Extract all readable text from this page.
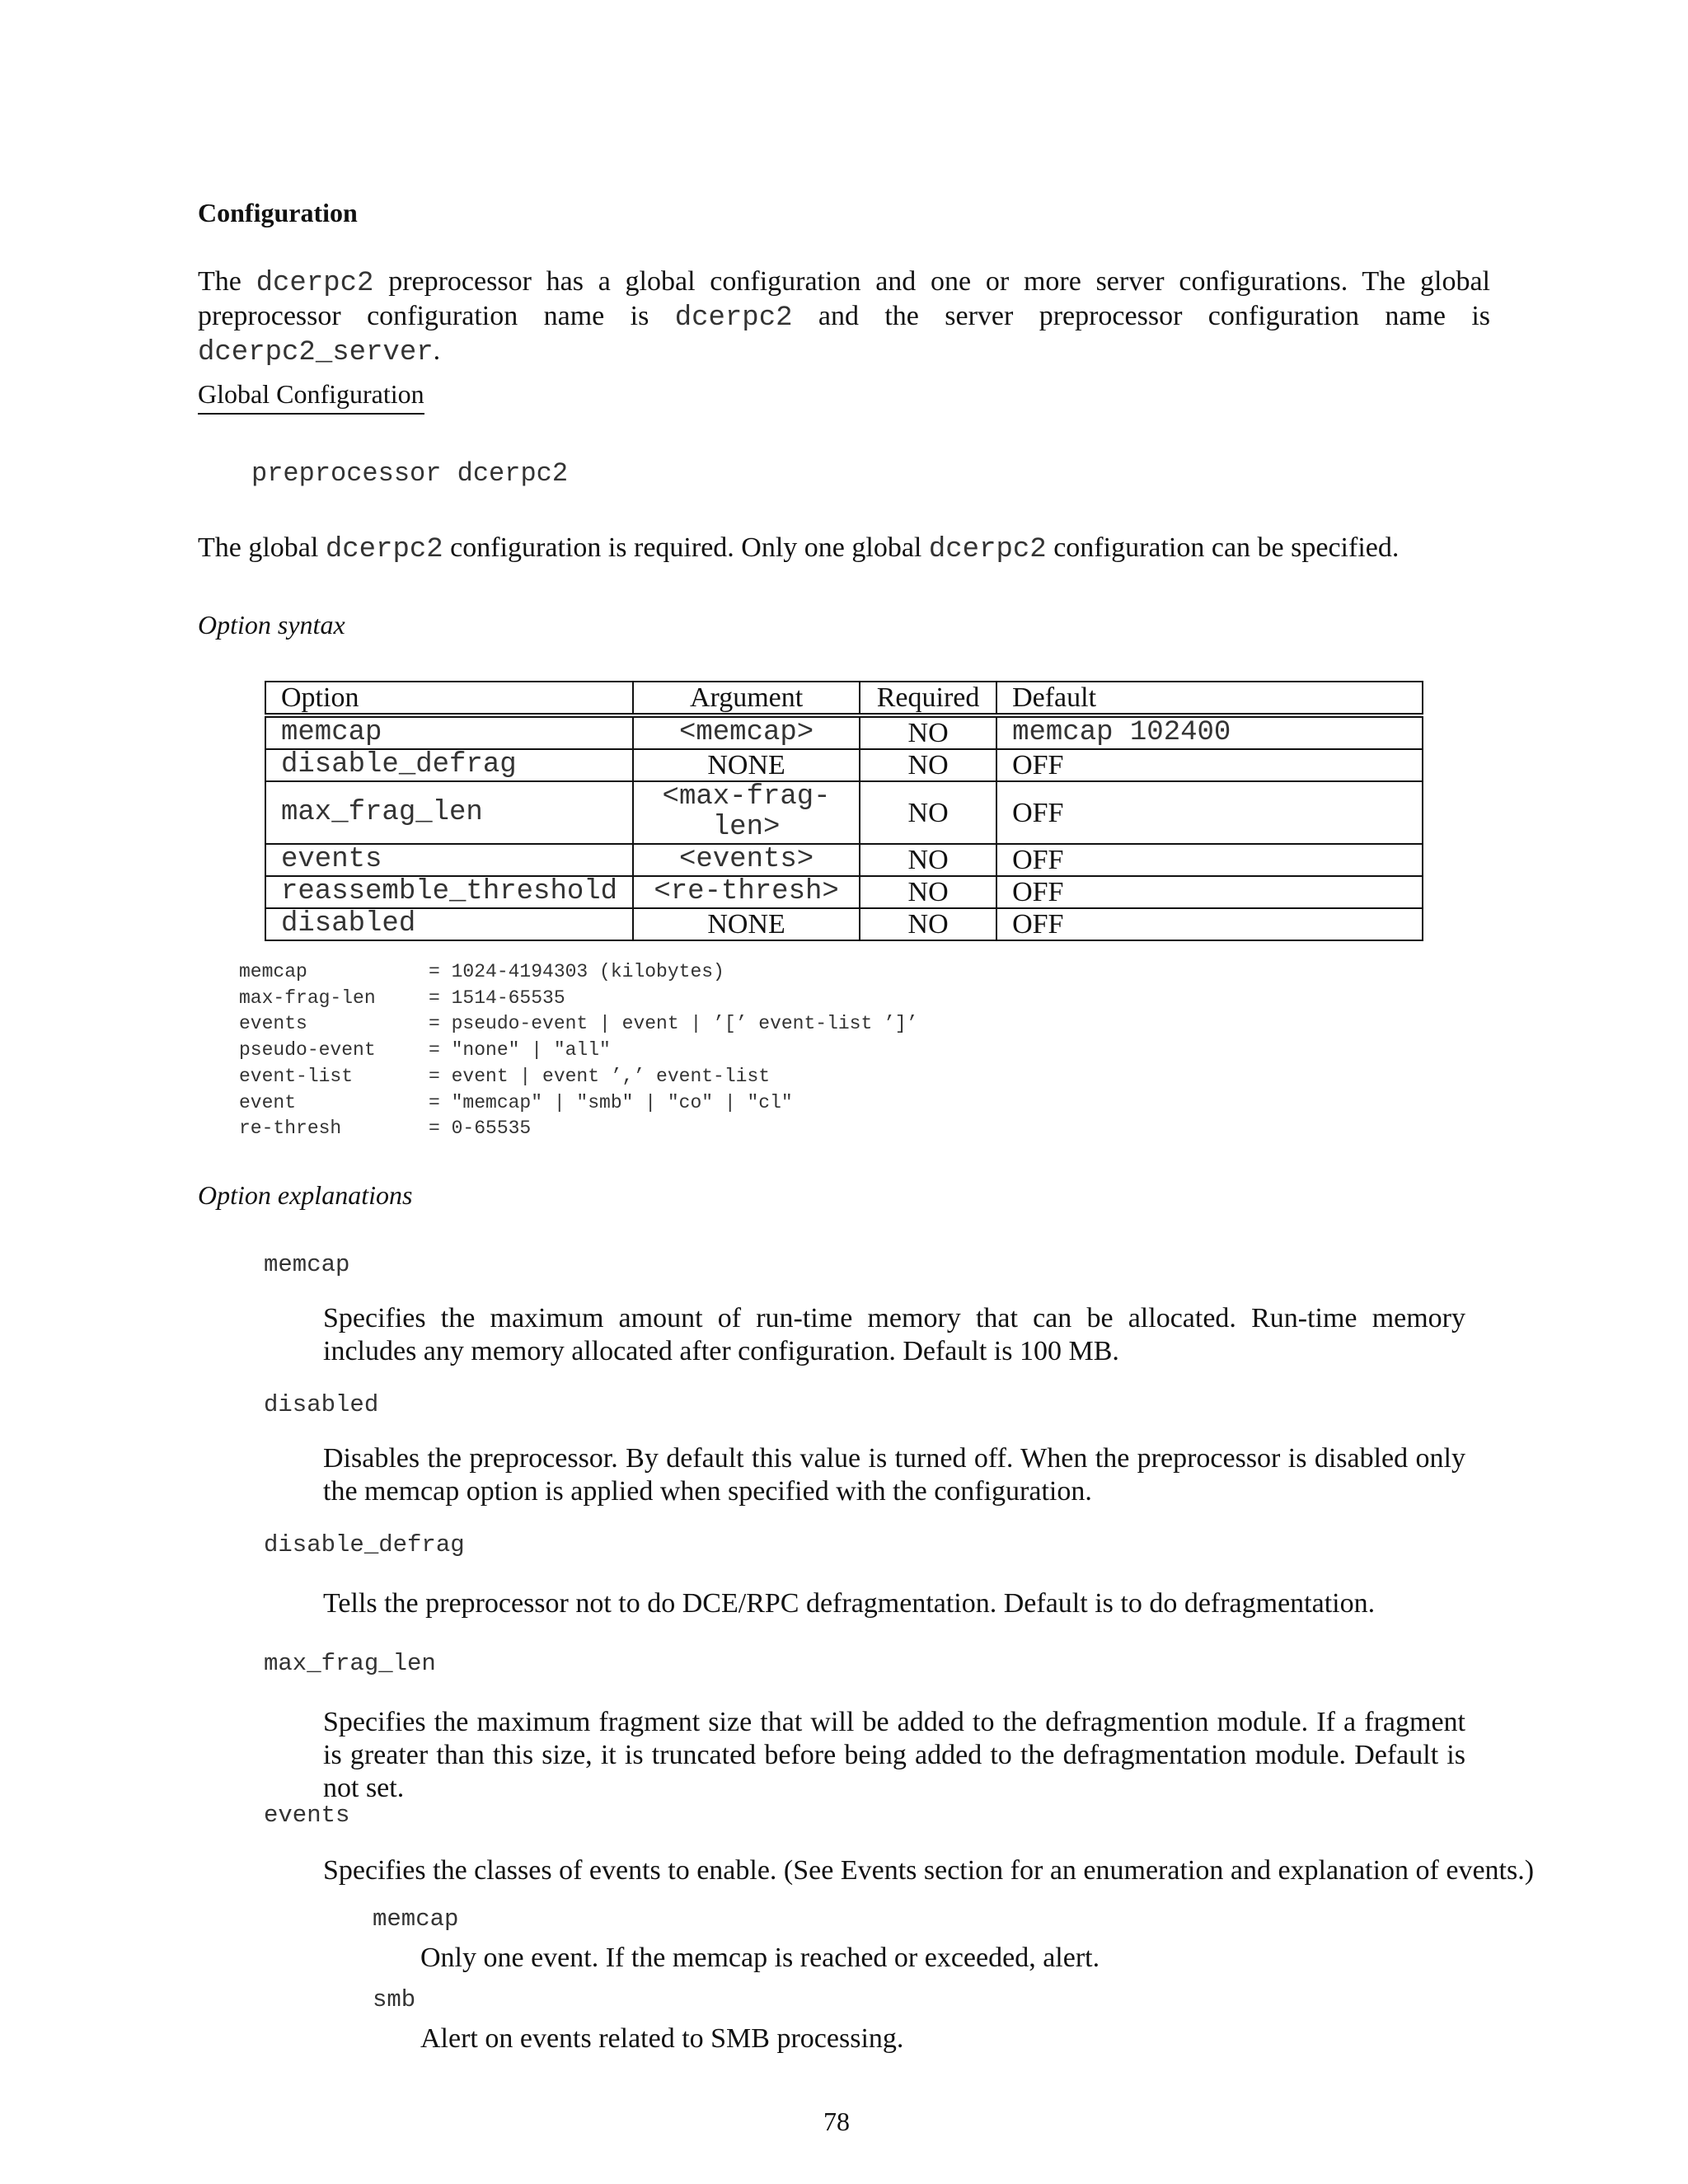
Configuration
The dcerpc2 preprocessor has a global configuration and one or more server configurations. The global preprocessor configuration name is dcerpc2 and the server preprocessor configuration name is dcerpc2_server.
Global Configuration
preprocessor dcerpc2
The global dcerpc2 configuration is required. Only one global dcerpc2 configuration can be specified.
Option syntax
Option	Argument	Required	Default
memcap	<memcap>	NO	memcap 102400
disable_defrag	NONE	NO	OFF
max_frag_len	<max-frag-len>	NO	OFF
events	<events>	NO	OFF
reassemble_threshold	<re-thresh>	NO	OFF
disabled	NONE	NO	OFF
memcap	= 1024-4194303 (kilobytes)
max-frag-len	= 1514-65535
events	= pseudo-event | event | ’[’ event-list ’]’
pseudo-event	= "none" | "all"
event-list	= event | event ’,’ event-list
event	= "memcap" | "smb" | "co" | "cl"
re-thresh	= 0-65535
Option explanations
memcap
Specifies the maximum amount of run-time memory that can be allocated. Run-time memory includes any memory allocated after configuration. Default is 100 MB.
disabled
Disables the preprocessor. By default this value is turned off. When the preprocessor is disabled only the memcap option is applied when specified with the configuration.
disable_defrag
Tells the preprocessor not to do DCE/RPC defragmentation. Default is to do defragmentation.
max_frag_len
Specifies the maximum fragment size that will be added to the defragmention module. If a fragment is greater than this size, it is truncated before being added to the defragmentation module. Default is not set.
events
Specifies the classes of events to enable. (See Events section for an enumeration and explanation of events.)
memcap
Only one event. If the memcap is reached or exceeded, alert.
smb
Alert on events related to SMB processing.
78
